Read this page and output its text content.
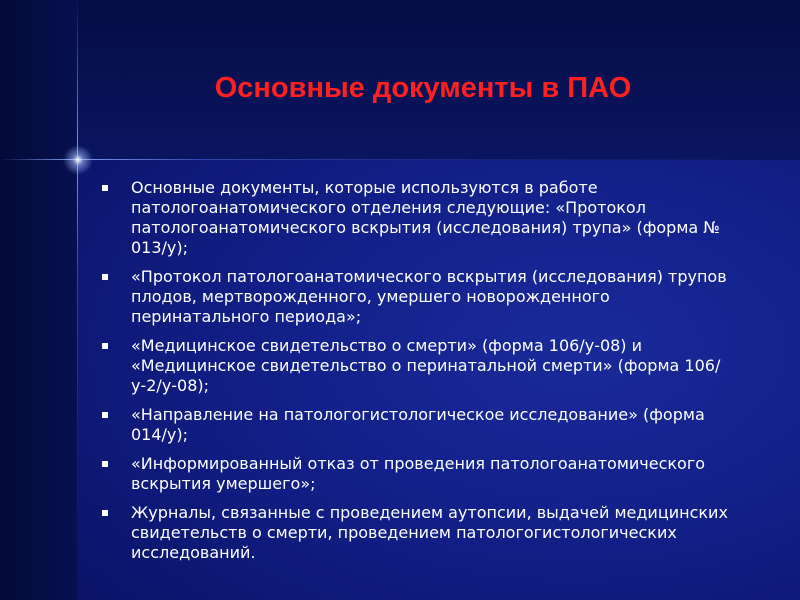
Основные документы в ПАО
Основные документы, которые используются в работе патологоанатомического отделения следующие: «Протокол патологоанатомического вскрытия (исследования) трупа» (форма № 013/у);
«Протокол патологоанатомического вскрытия (исследования) трупов плодов, мертворожденного, умершего новорожденного перинатального периода»;
«Медицинское свидетельство о смерти» (форма 106/у-08) и «Медицинское свидетельство о перинатальной смерти» (форма 106/у-2/у-08);
«Направление на патологогистологическое исследование» (форма 014/у);
«Информированный отказ от проведения патологоанатомического вскрытия умершего»;
Журналы, связанные с проведением аутопсии, выдачей медицинских свидетельств о смерти, проведением патологогистологических исследований.
